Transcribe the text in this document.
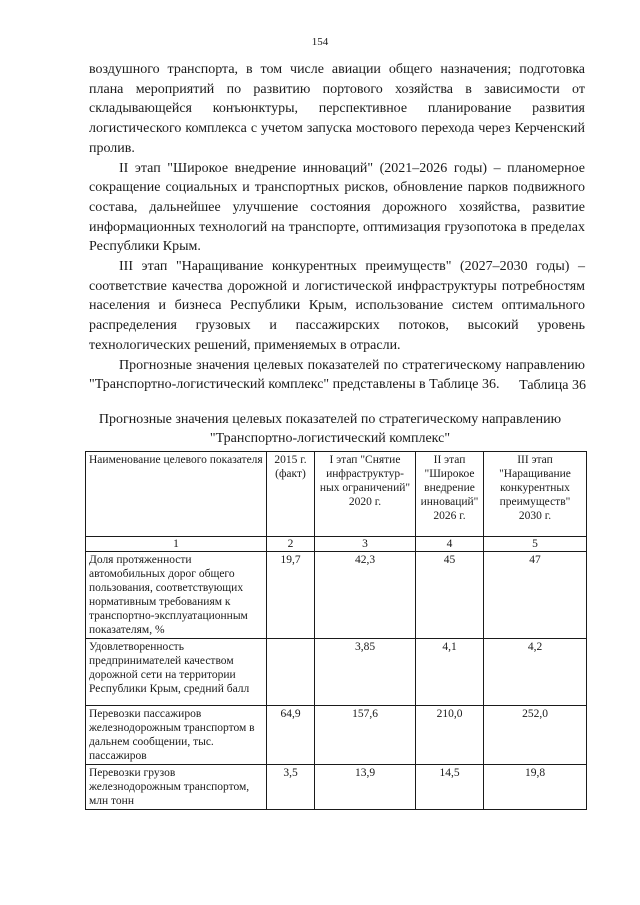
154

воздушного транспорта, в том числе авиации общего назначения; подготовка плана мероприятий по развитию портового хозяйства в зависимости от складывающейся конъюнктуры, перспективное планирование развития логистического комплекса с учетом запуска мостового перехода через Керченский пролив.

II этап "Широкое внедрение инноваций" (2021–2026 годы) – планомерное сокращение социальных и транспортных рисков, обновление парков подвижного состава, дальнейшее улучшение состояния дорожного хозяйства, развитие информационных технологий на транспорте, оптимизация грузопотока в пределах Республики Крым.

III этап "Наращивание конкурентных преимуществ" (2027–2030 годы) – соответствие качества дорожной и логистической инфраструктуры потребностям населения и бизнеса Республики Крым, использование систем оптимального распределения грузовых и пассажирских потоков, высокий уровень технологических решений, применяемых в отрасли.

Прогнозные значения целевых показателей по стратегическому направлению "Транспортно-логистический комплекс" представлены в Таблице 36.	Таблица 36
Прогнозные значения целевых показателей по стратегическому направлению
"Транспортно-логистический комплекс"
Наименование целевого показателя	2015 г. (факт)	I этап "Снятие инфраструктур-ных ограничений" 2020 г.	II этап "Широкое внедрение инноваций" 2026 г.	III этап "Наращивание конкурентных преимуществ" 2030 г.
1	2	3	4	5
Доля протяженности автомобильных дорог общего пользования, соответствующих нормативным требованиям к транспортно-эксплуатационным показателям, %	19,7	42,3	45	47
Удовлетворенность предпринимателей качеством дорожной сети на территории Республики Крым, средний балл		3,85	4,1	4,2
Перевозки пассажиров железнодорожным транспортом в дальнем сообщении, тыс. пассажиров	64,9	157,6	210,0	252,0
Перевозки грузов железнодорожным транспортом, млн тонн	3,5	13,9	14,5	19,8
